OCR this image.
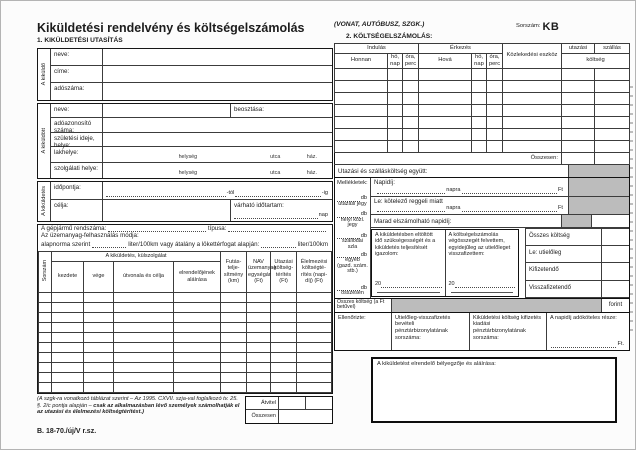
Kiküldetési rendelvény és költségelszámolás
1. KIKÜLDETÉSI UTASÍTÁS
A kiküldő
neve:
címe:
adószáma:
A kiküldött
neve:	beosztása:
adóazonosító száma:
születési ideje, helye:
lakhelye:
helység	utca	ház.
szolgálati helye:
helység	utca	ház.
A kiküldetés	időpontja:
-tól	-ig
célja:	várható időtartam:
nap
A gépjármű rendszáma:	típusa:
Az üzemanyag-felhasználás módja:
alapnorma szerint	liter/100km vagy átalány a lökettérfogat alapján:	liter/100km
Sorszám	A kiküldetés, külszolgálat				Futás-telje-sítmény (km)	NAV üzemanyag egységár (Ft)	Utazási költség-térítés (Ft)	Élelmezési költségté-rítés (napi-díj) (Ft)
	kezdete	vége	útvonala és célja	elrendelőjének aláírása				

(A szgk-ra vonatkozó táblázat szerint – Az 1995. CXVII. szja-val foglalkozó tv. 25. §. 2/c pontja alapján – csak az alkalmazásban lévő személyek számolhatják el az utazási és élelmezési költségtérítést.)
Átvitel
Összesen
B. 18-70./új/V r.sz.
(VONAT, AUTÓBUSZ, SZGK.)	Sorszám: KB
2. KÖLTSÉGELSZÁMOLÁS:
Indulás			Érkezés			Közlekedési eszköz	utazási	szállás
Honnan	hó, nap	óra, perc	Hová	hó, nap	óra, perc		költség	

Összesen:								
Utazási és szállásköltség együtt:
Mellékletek:
db
utazási jegy
db
helyi közl. jegy
db
szállodai szla
db
egyéb (gazd. szám. stb.)
db
összesen
Napidíj:
napra	Ft
Le: kötelező reggeli miatt
napra	Ft
Marad elszámolható napidíj:
A kiküldetésben eltöltött idő szükségességét és a kiküldetés teljesítését igazolom:
20
A költségelszámolás végösszegét felvettem, egyidejűleg az utielőleget visszafizettem:
20
Összes költség
Le: utielőleg
Kifizetendő
Visszafizetendő
Összes költség (a Ft betűvel)	forint
Ellenőrizte:	Utielőleg-visszafizetés bevételi pénztárbizonylatának sorszáma:
Kiküldetési költség kifizetés kiadási pénztárbizonylatának sorszáma:
A napidíj adóköteles része:
Ft.
A kiküldetést elrendelő bélyegzője és aláírása:
